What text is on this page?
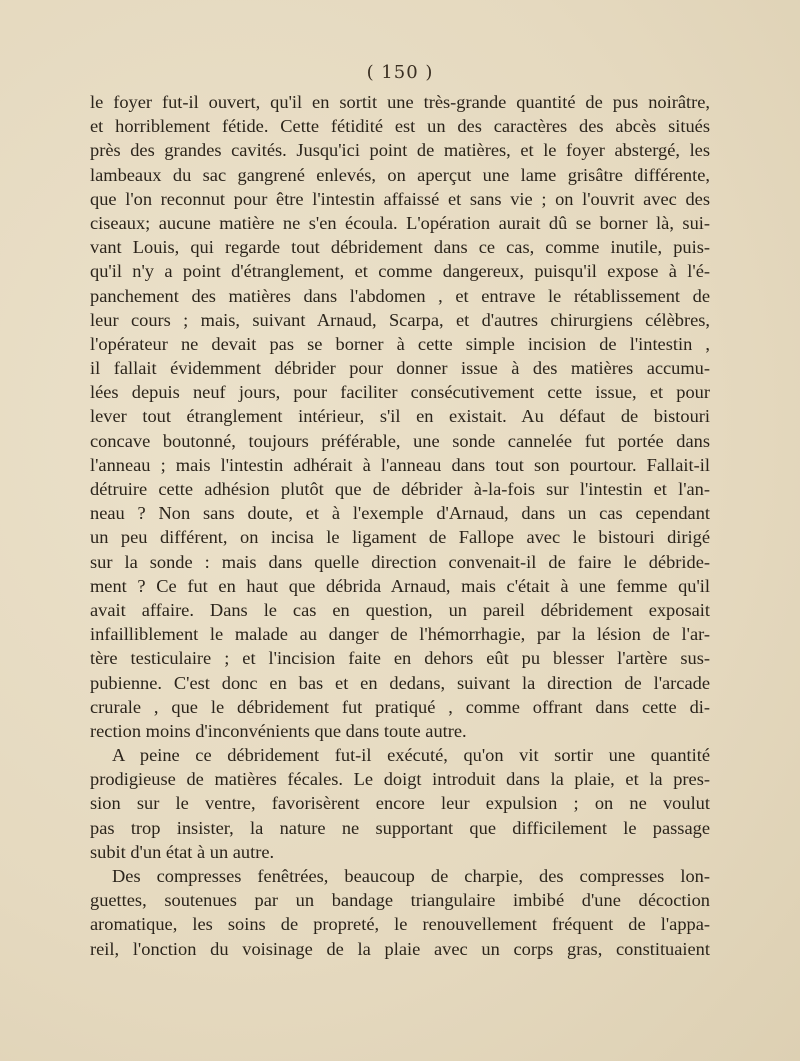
( 150 )
le foyer fut-il ouvert, qu'il en sortit une très-grande quantité de pus noirâtre,
et horriblement fétide. Cette fétidité est un des caractères des abcès situés
près des grandes cavités. Jusqu'ici point de matières, et le foyer abstergé, les
lambeaux du sac gangrené enlevés, on aperçut une lame grisâtre différente,
que l'on reconnut pour être l'intestin affaissé et sans vie ; on l'ouvrit avec des
ciseaux; aucune matière ne s'en écoula. L'opération aurait dû se borner là, sui-
vant Louis, qui regarde tout débridement dans ce cas, comme inutile, puis-
qu'il n'y a point d'étranglement, et comme dangereux, puisqu'il expose à l'é-
panchement des matières dans l'abdomen , et entrave le rétablissement de
leur cours ; mais, suivant Arnaud, Scarpa, et d'autres chirurgiens célèbres,
l'opérateur ne devait pas se borner à cette simple incision de l'intestin ,
il fallait évidemment débrider pour donner issue à des matières accumu-
lées depuis neuf jours, pour faciliter consécutivement cette issue, et pour
lever tout étranglement intérieur, s'il en existait. Au défaut de bistouri
concave boutonné, toujours préférable, une sonde cannelée fut portée dans
l'anneau ; mais l'intestin adhérait à l'anneau dans tout son pourtour. Fallait-il
détruire cette adhésion plutôt que de débrider à-la-fois sur l'intestin et l'an-
neau ? Non sans doute, et à l'exemple d'Arnaud, dans un cas cependant
un peu différent, on incisa le ligament de Fallope avec le bistouri dirigé
sur la sonde : mais dans quelle direction convenait-il de faire le débride-
ment ? Ce fut en haut que débrida Arnaud, mais c'était à une femme qu'il
avait affaire. Dans le cas en question, un pareil débridement exposait
infailliblement le malade au danger de l'hémorrhagie, par la lésion de l'ar-
tère testiculaire ; et l'incision faite en dehors eût pu blesser l'artère sus-
pubienne. C'est donc en bas et en dedans, suivant la direction de l'arcade
crurale , que le débridement fut pratiqué , comme offrant dans cette di-
rection moins d'inconvénients que dans toute autre.
A peine ce débridement fut-il exécuté, qu'on vit sortir une quantité
prodigieuse de matières fécales. Le doigt introduit dans la plaie, et la pres-
sion sur le ventre, favorisèrent encore leur expulsion ; on ne voulut
pas trop insister, la nature ne supportant que difficilement le passage
subit d'un état à un autre.
Des compresses fenêtrées, beaucoup de charpie, des compresses lon-
guettes, soutenues par un bandage triangulaire imbibé d'une décoction
aromatique, les soins de propreté, le renouvellement fréquent de l'appa-
reil, l'onction du voisinage de la plaie avec un corps gras, constituaient
